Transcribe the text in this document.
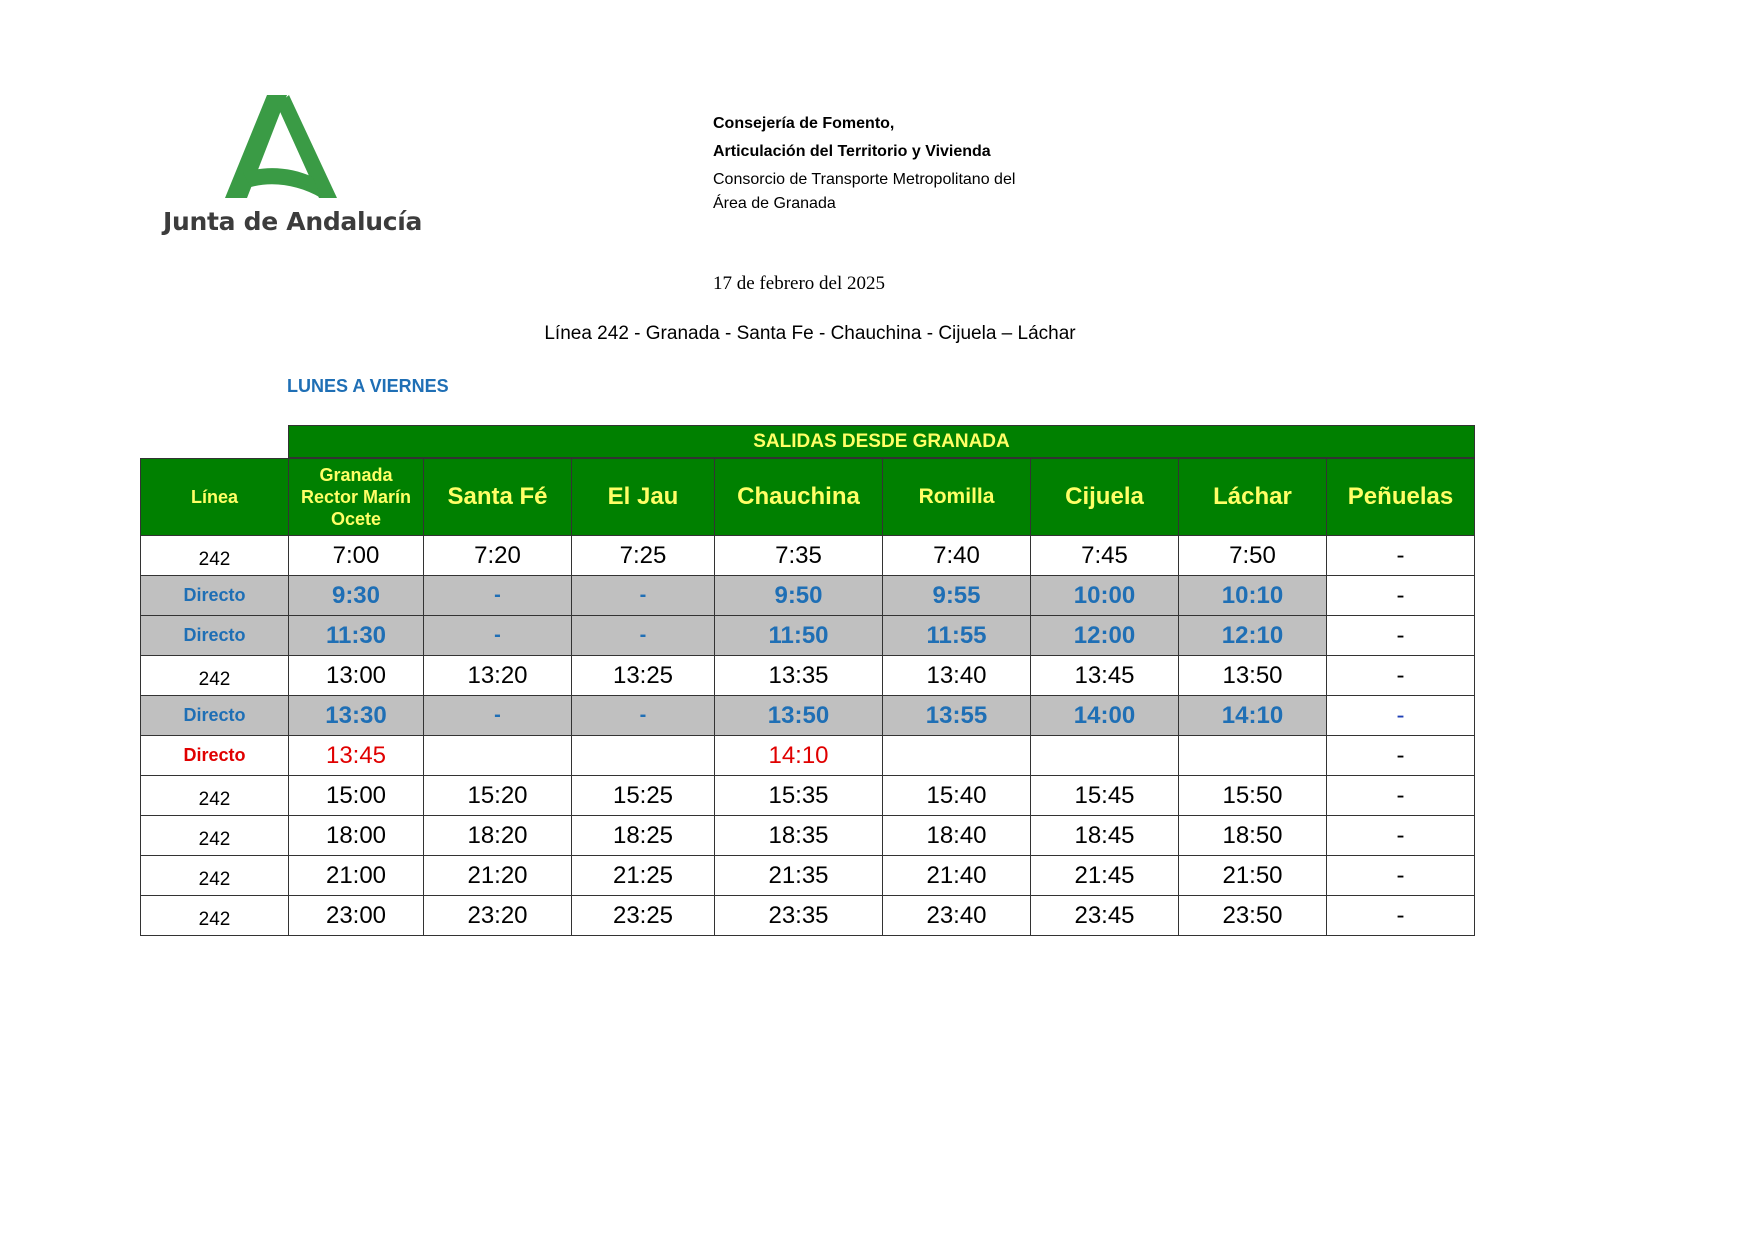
Junta de Andalucía
Consejería de Fomento,
Articulación del Territorio y Vivienda
Consorcio de Transporte Metropolitano del
Área de Granada
17 de febrero del 2025
Línea 242 - Granada - Santa Fe - Chauchina - Cijuela – Láchar
LUNES A VIERNES
SALIDAS DESDE GRANADA
Línea	Granada
Rector Marín
Ocete	Santa Fé	El Jau	Chauchina	Romilla	Cijuela	Láchar	Peñuelas
242	7:00	7:20	7:25	7:35	7:40	7:45	7:50	-
Directo	9:30	-	-	9:50	9:55	10:00	10:10	-
Directo	11:30	-	-	11:50	11:55	12:00	12:10	-
242	13:00	13:20	13:25	13:35	13:40	13:45	13:50	-
Directo	13:30	-	-	13:50	13:55	14:00	14:10	-
Directo	13:45			14:10				-
242	15:00	15:20	15:25	15:35	15:40	15:45	15:50	-
242	18:00	18:20	18:25	18:35	18:40	18:45	18:50	-
242	21:00	21:20	21:25	21:35	21:40	21:45	21:50	-
242	23:00	23:20	23:25	23:35	23:40	23:45	23:50	-
